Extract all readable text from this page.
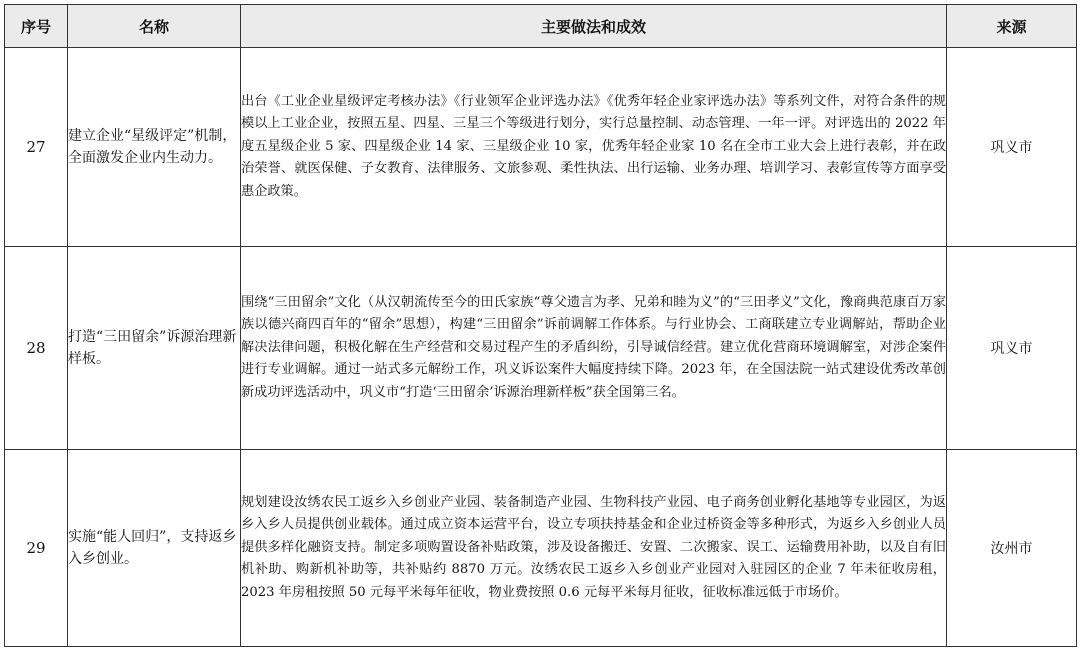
序号	名称	主要做法和成效	来源
27	建立企业“星级评定”机制，全面激发企业内生动力。	出台《工业企业星级评定考核办法》《行业领军企业评选办法》《优秀年轻企业家评选办法》等系列文件，对符合条件的规模以上工业企业，按照五星、四星、三星三个等级进行划分，实行总量控制、动态管理、一年一评。对评选出的 2022 年度五星级企业 5 家、四星级企业 14 家、三星级企业 10 家，优秀年轻企业家 10 名在全市工业大会上进行表彰，并在政治荣誉、就医保健、子女教育、法律服务、文旅参观、柔性执法、出行运输、业务办理、培训学习、表彰宣传等方面享受惠企政策。	巩义市
28	打造“三田留余”诉源治理新样板。	围绕“三田留余”文化（从汉朝流传至今的田氏家族“尊父遗言为孝、兄弟和睦为义”的“三田孝义”文化，豫商典范康百万家族以德兴商四百年的“留余”思想），构建“三田留余”诉前调解工作体系。与行业协会、工商联建立专业调解站，帮助企业解决法律问题，积极化解在生产经营和交易过程产生的矛盾纠纷，引导诚信经营。建立优化营商环境调解室，对涉企案件进行专业调解。通过一站式多元解纷工作，巩义诉讼案件大幅度持续下降。2023 年，在全国法院一站式建设优秀改革创新成功评选活动中，巩义市“打造‘三田留余’诉源治理新样板”获全国第三名。	巩义市
29	实施“能人回归”，支持返乡入乡创业。	规划建设汝绣农民工返乡入乡创业产业园、装备制造产业园、生物科技产业园、电子商务创业孵化基地等专业园区，为返乡入乡人员提供创业载体。通过成立资本运营平台，设立专项扶持基金和企业过桥资金等多种形式，为返乡入乡创业人员提供多样化融资支持。制定多项购置设备补贴政策，涉及设备搬迁、安置、二次搬家、误工、运输费用补助，以及自有旧机补助、购新机补助等，共补贴约 8870 万元。汝绣农民工返乡入乡创业产业园对入驻园区的企业 7 年未征收房租，2023 年房租按照 50 元每平米每年征收，物业费按照 0.6 元每平米每月征收，征收标准远低于市场价。	汝州市
